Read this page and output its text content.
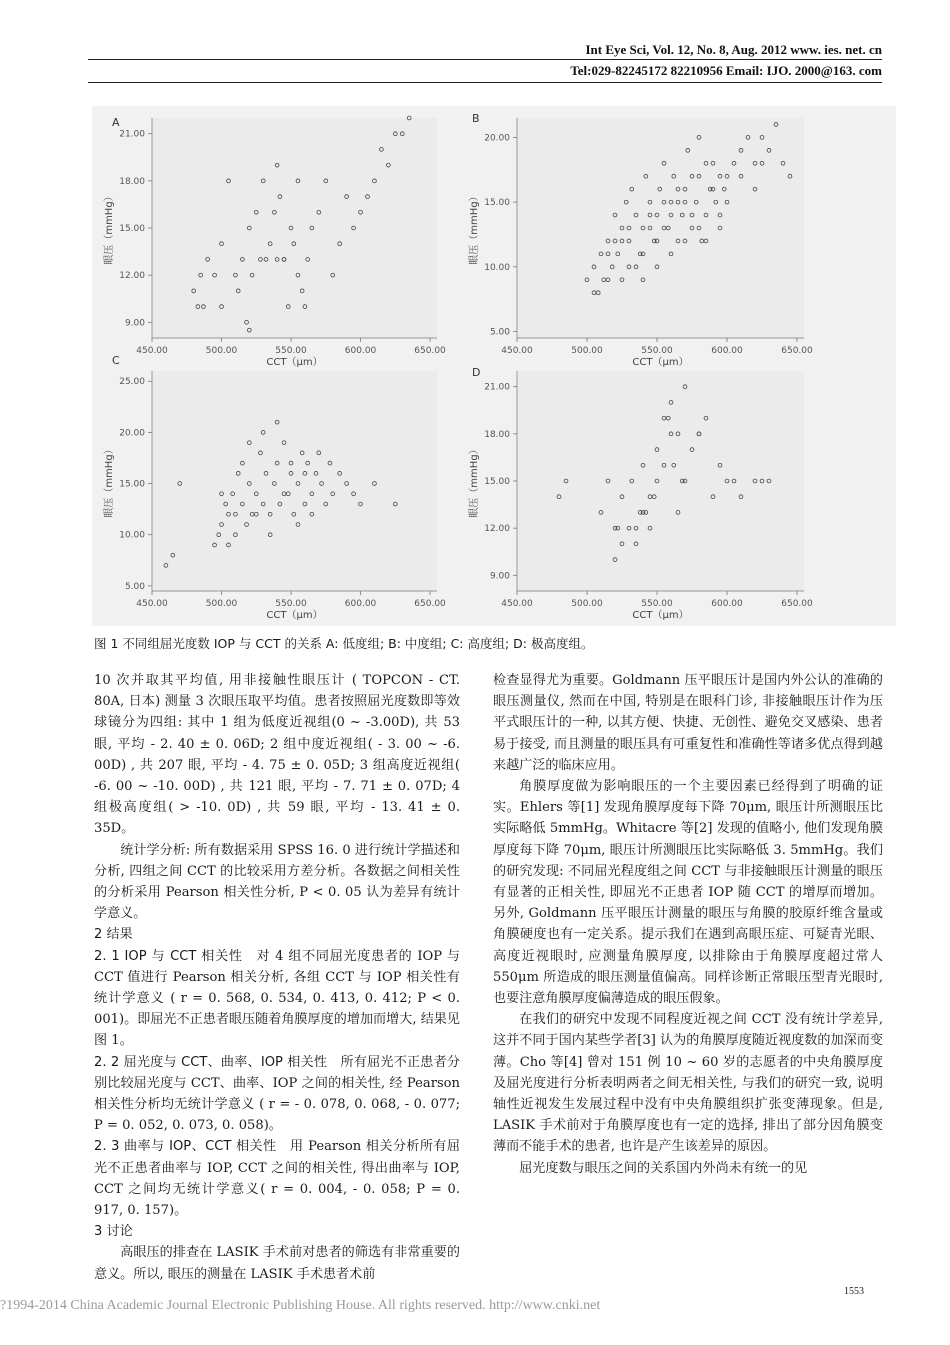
Int Eye Sci, Vol. 12, No. 8, Aug. 2012 www. ies. net. cn
Tel:029-82245172 82210956 Email: IJO. 2000@163. com
A
9.00
12.00
15.00
18.00
21.00
450.00	500.00	550.00	600.00	650.00
CCT（μm）
眼压（mmHg）
B
5.00
10.00
15.00
20.00
450.00	500.00	550.00	600.00	650.00
CCT（μm）
眼压（mmHg）
C
5.00
10.00
15.00
20.00
25.00
450.00	500.00	550.00	600.00	650.00
CCT（μm）
眼压（mmHg）
D
9.00
12.00
15.00
18.00
21.00
450.00	500.00	550.00	600.00	650.00
CCT（μm）
眼压（mmHg）
图 1 不同组屈光度数 IOP 与 CCT 的关系 A: 低度组; B: 中度组; C: 高度组; D: 极高度组。

10 次并取其平均值, 用非接触性眼压计 ( TOPCON - CT. 80A, 日本) 测量 3 次眼压取平均值。患者按照屈光度数即等效球镜分为四组: 其中 1 组为低度近视组(0 ~ -3.00D), 共 53 眼, 平均 - 2. 40 ± 0. 06D; 2 组中度近视组( - 3. 00 ~ -6. 00D) , 共 207 眼, 平均 - 4. 75 ± 0. 05D; 3 组高度近视组( -6. 00 ~ -10. 00D) , 共 121 眼, 平均 - 7. 71 ± 0. 07D; 4 组极高度组( > -10. 0D) , 共 59 眼, 平均 - 13. 41 ± 0. 35D。

统计学分析: 所有数据采用 SPSS 16. 0 进行统计学描述和分析, 四组之间 CCT 的比较采用方差分析。各数据之间相关性的分析采用 Pearson 相关性分析, P < 0. 05 认为差异有统计学意义。

2 结果

2. 1 IOP 与 CCT 相关性　 对 4 组不同屈光度患者的 IOP 与 CCT 值进行 Pearson 相关分析, 各组 CCT 与 IOP 相关性有统计学意义 ( r = 0. 568, 0. 534, 0. 413, 0. 412; P < 0. 001)。即屈光不正患者眼压随着角膜厚度的增加而增大, 结果见图 1。

2. 2 屈光度与 CCT、曲率、IOP 相关性　 所有屈光不正患者分别比较屈光度与 CCT、曲率、IOP 之间的相关性, 经 Pearson 相关性分析均无统计学意义 ( r = - 0. 078, 0. 068, - 0. 077; P = 0. 052, 0. 073, 0. 058)。

2. 3 曲率与 IOP、CCT 相关性　 用 Pearson 相关分析所有屈光不正患者曲率与 IOP, CCT 之间的相关性, 得出曲率与 IOP, CCT 之间均无统计学意义( r = 0. 004, - 0. 058; P = 0. 917, 0. 157)。

3 讨论

高眼压的排查在 LASIK 手术前对患者的筛选有非常重要的意义。所以, 眼压的测量在 LASIK 手术患者术前

检查显得尤为重要。Goldmann 压平眼压计是国内外公认的准确的眼压测量仪, 然而在中国, 特别是在眼科门诊, 非接触眼压计作为压平式眼压计的一种, 以其方便、快捷、无创性、避免交叉感染、患者易于接受, 而且测量的眼压具有可重复性和准确性等诸多优点得到越来越广泛的临床应用。

角膜厚度做为影响眼压的一个主要因素已经得到了明确的证实。Ehlers 等[1] 发现角膜厚度每下降 70μm, 眼压计所测眼压比实际略低 5mmHg。Whitacre 等[2] 发现的值略小, 他们发现角膜厚度每下降 70μm, 眼压计所测眼压比实际略低 3. 5mmHg。我们的研究发现: 不同屈光程度组之间 CCT 与非接触眼压计测量的眼压有显著的正相关性, 即屈光不正患者 IOP 随 CCT 的增厚而增加。另外, Goldmann 压平眼压计测量的眼压与角膜的胶原纤维含量或角膜硬度也有一定关系。提示我们在遇到高眼压症、可疑青光眼、高度近视眼时, 应测量角膜厚度, 以排除由于角膜厚度超过常人 550μm 所造成的眼压测量值偏高。同样诊断正常眼压型青光眼时, 也要注意角膜厚度偏薄造成的眼压假象。

在我们的研究中发现不同程度近视之间 CCT 没有统计学差异, 这并不同于国内某些学者[3] 认为的角膜厚度随近视度数的加深而变薄。Cho 等[4] 曾对 151 例 10 ~ 60 岁的志愿者的中央角膜厚度及屈光度进行分析表明两者之间无相关性, 与我们的研究一致, 说明轴性近视发生发展过程中没有中央角膜组织扩张变薄现象。但是, LASIK 手术前对于角膜厚度也有一定的选择, 排出了部分因角膜变薄而不能手术的患者, 也许是产生该差异的原因。

屈光度数与眼压之间的关系国内外尚未有统一的见

1553
?1994-2014 China Academic Journal Electronic Publishing House. All rights reserved. http://www.cnki.net
